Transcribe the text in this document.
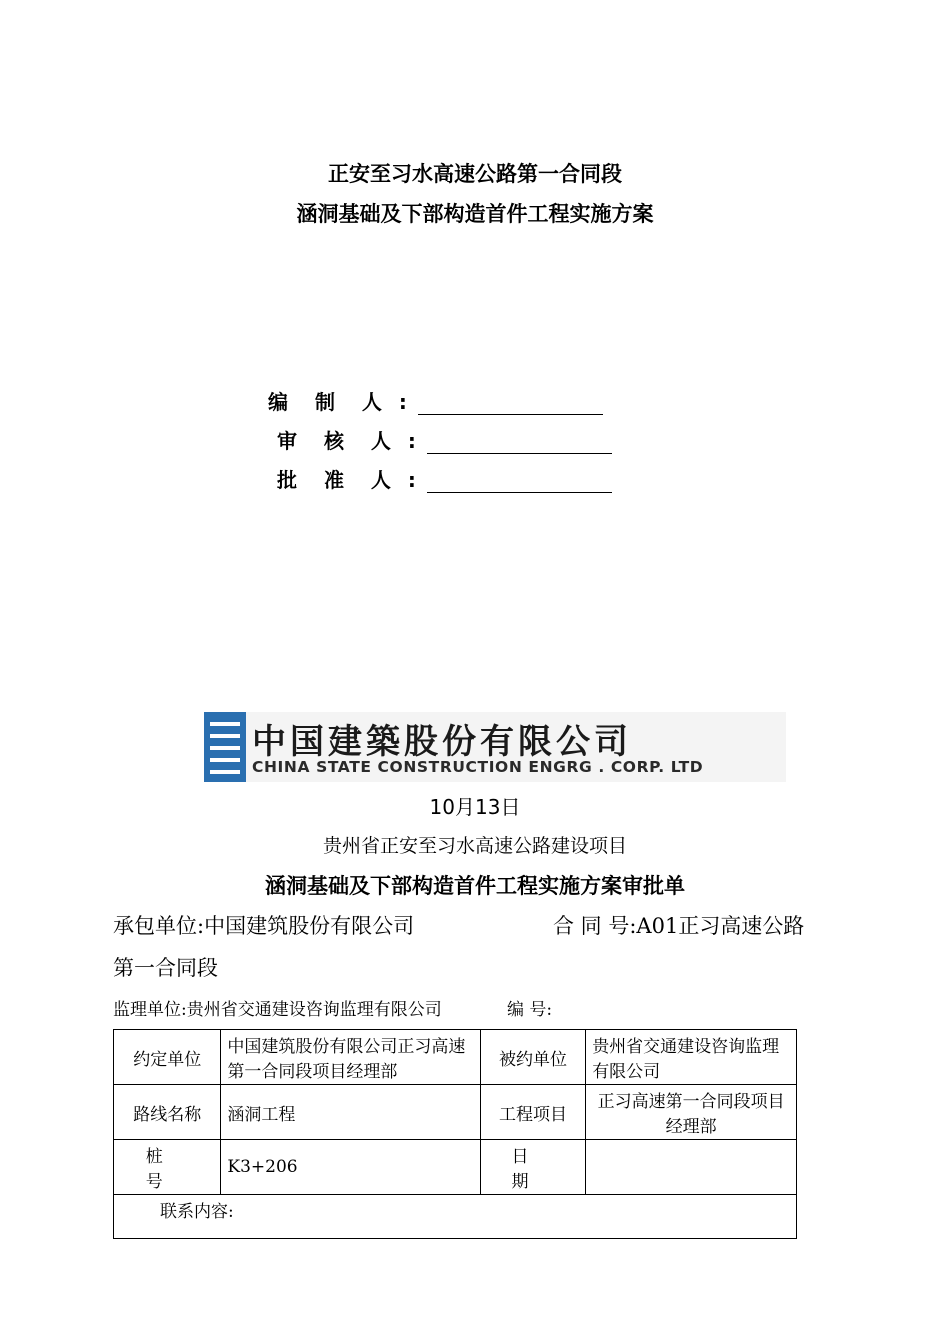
正安至习水高速公路第一合同段
涵洞基础及下部构造首件工程实施方案
编 制 人 :
审 核 人 :
批 准 人 :
中国建築股份有限公司
CHINA STATE CONSTRUCTION ENGRG . CORP. LTD
10月13日
贵州省正安至习水高速公路建设项目
涵洞基础及下部构造首件工程实施方案审批单
承包单位:中国建筑股份有限公司	合 同 号:A01正习高速公路
第一合同段
监理单位:贵州省交通建设咨询监理有限公司	编 号:
约定单位	中国建筑股份有限公司正习高速第一合同段项目经理部	被约单位	贵州省交通建设咨询监理有限公司
路线名称	涵洞工程	工程项目	正习高速第一合同段项目经理部
桩 号	K3+206	日 期	
联系内容:			
